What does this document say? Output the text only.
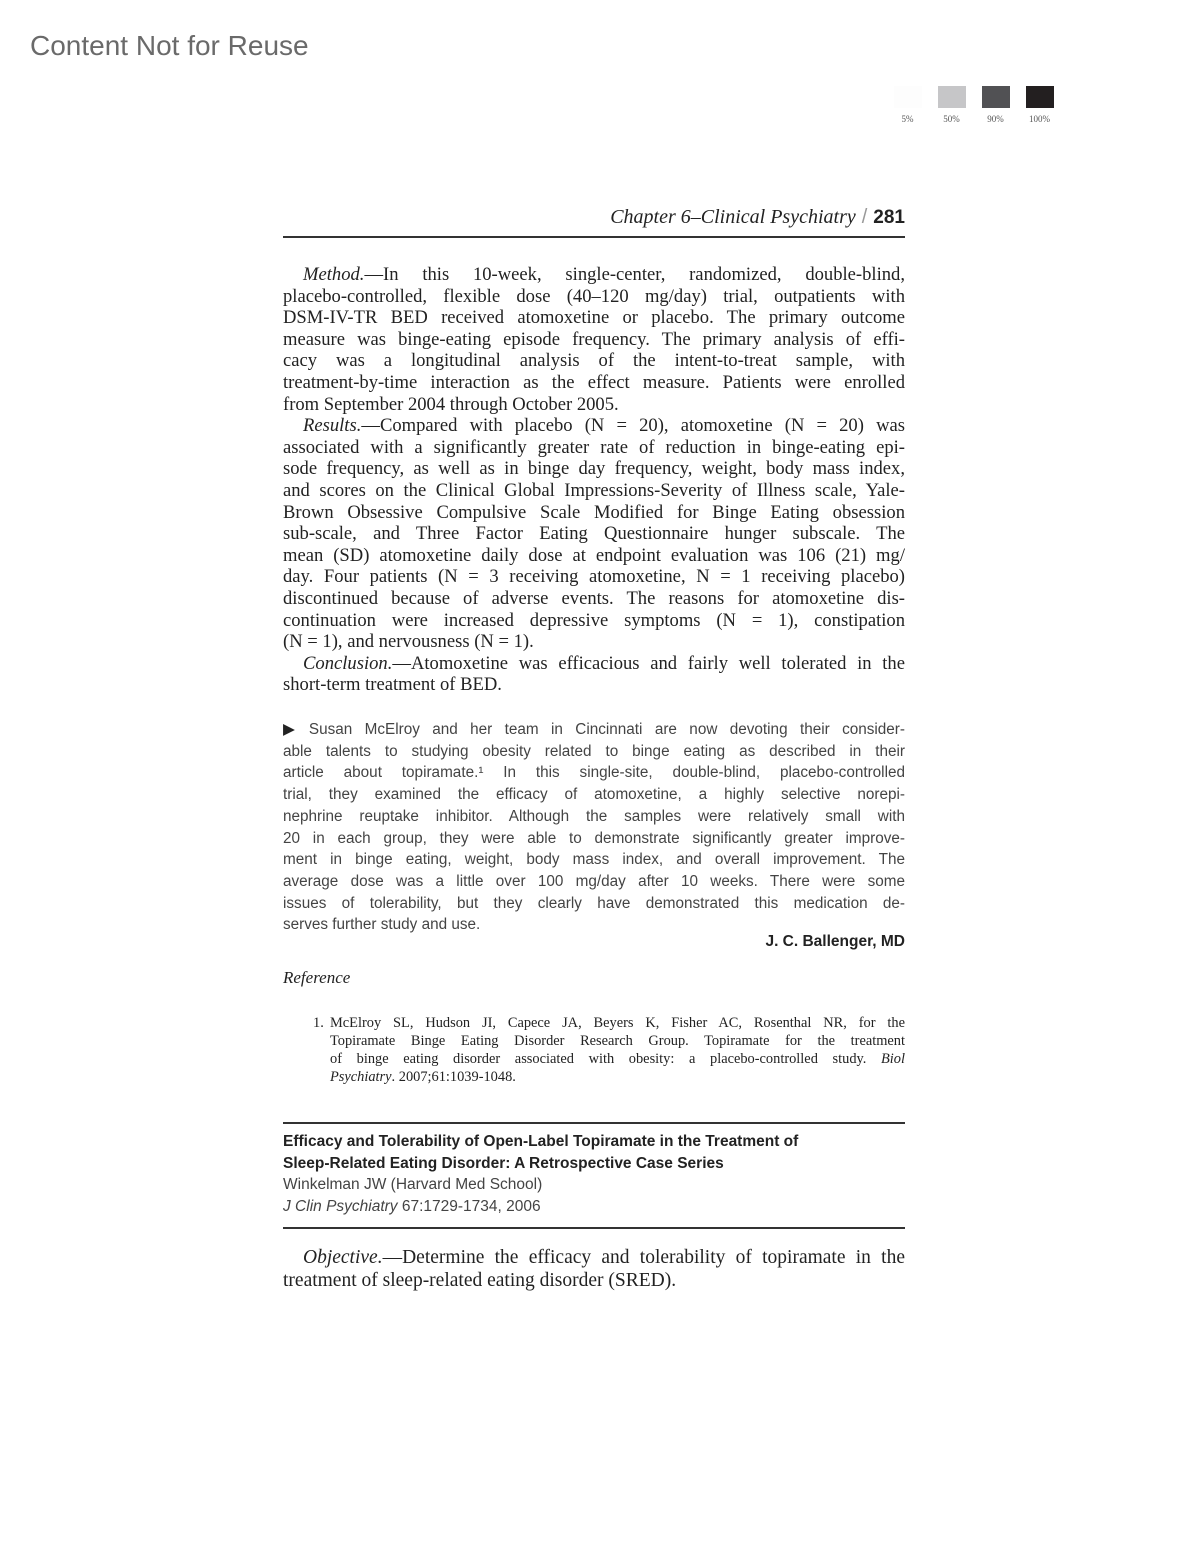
Content Not for Reuse
5%	50%	90%	100%
Chapter 6–Clinical Psychiatry / 281
Method.—In this 10-week, single-center, randomized, double-blind,
placebo-controlled, flexible dose (40–120 mg/day) trial, outpatients with
DSM-IV-TR BED received atomoxetine or placebo. The primary outcome
measure was binge-eating episode frequency. The primary analysis of effi-
cacy was a longitudinal analysis of the intent-to-treat sample, with
treatment-by-time interaction as the effect measure. Patients were enrolled
from September 2004 through October 2005.
Results.—Compared with placebo (N = 20), atomoxetine (N = 20) was
associated with a significantly greater rate of reduction in binge-eating epi-
sode frequency, as well as in binge day frequency, weight, body mass index,
and scores on the Clinical Global Impressions-Severity of Illness scale, Yale-
Brown Obsessive Compulsive Scale Modified for Binge Eating obsession
sub-scale, and Three Factor Eating Questionnaire hunger subscale. The
mean (SD) atomoxetine daily dose at endpoint evaluation was 106 (21) mg/
day. Four patients (N = 3 receiving atomoxetine, N = 1 receiving placebo)
discontinued because of adverse events. The reasons for atomoxetine dis-
continuation were increased depressive symptoms (N = 1), constipation
(N = 1), and nervousness (N = 1).
Conclusion.—Atomoxetine was efficacious and fairly well tolerated in the
short-term treatment of BED.
▶ Susan McElroy and her team in Cincinnati are now devoting their consider-
able talents to studying obesity related to binge eating as described in their
article about topiramate.¹ In this single-site, double-blind, placebo-controlled
trial, they examined the efficacy of atomoxetine, a highly selective norepi-
nephrine reuptake inhibitor. Although the samples were relatively small with
20 in each group, they were able to demonstrate significantly greater improve-
ment in binge eating, weight, body mass index, and overall improvement. The
average dose was a little over 100 mg/day after 10 weeks. There were some
issues of tolerability, but they clearly have demonstrated this medication de-
serves further study and use.
J. C. Ballenger, MD
Reference
1. McElroy SL, Hudson JI, Capece JA, Beyers K, Fisher AC, Rosenthal NR, for the
Topiramate Binge Eating Disorder Research Group. Topiramate for the treatment
of binge eating disorder associated with obesity: a placebo-controlled study. Biol
Psychiatry. 2007;61:1039-1048.
Efficacy and Tolerability of Open-Label Topiramate in the Treatment of
Sleep-Related Eating Disorder: A Retrospective Case Series
Winkelman JW (Harvard Med School)
J Clin Psychiatry 67:1729-1734, 2006
Objective.—Determine the efficacy and tolerability of topiramate in the
treatment of sleep-related eating disorder (SRED).
